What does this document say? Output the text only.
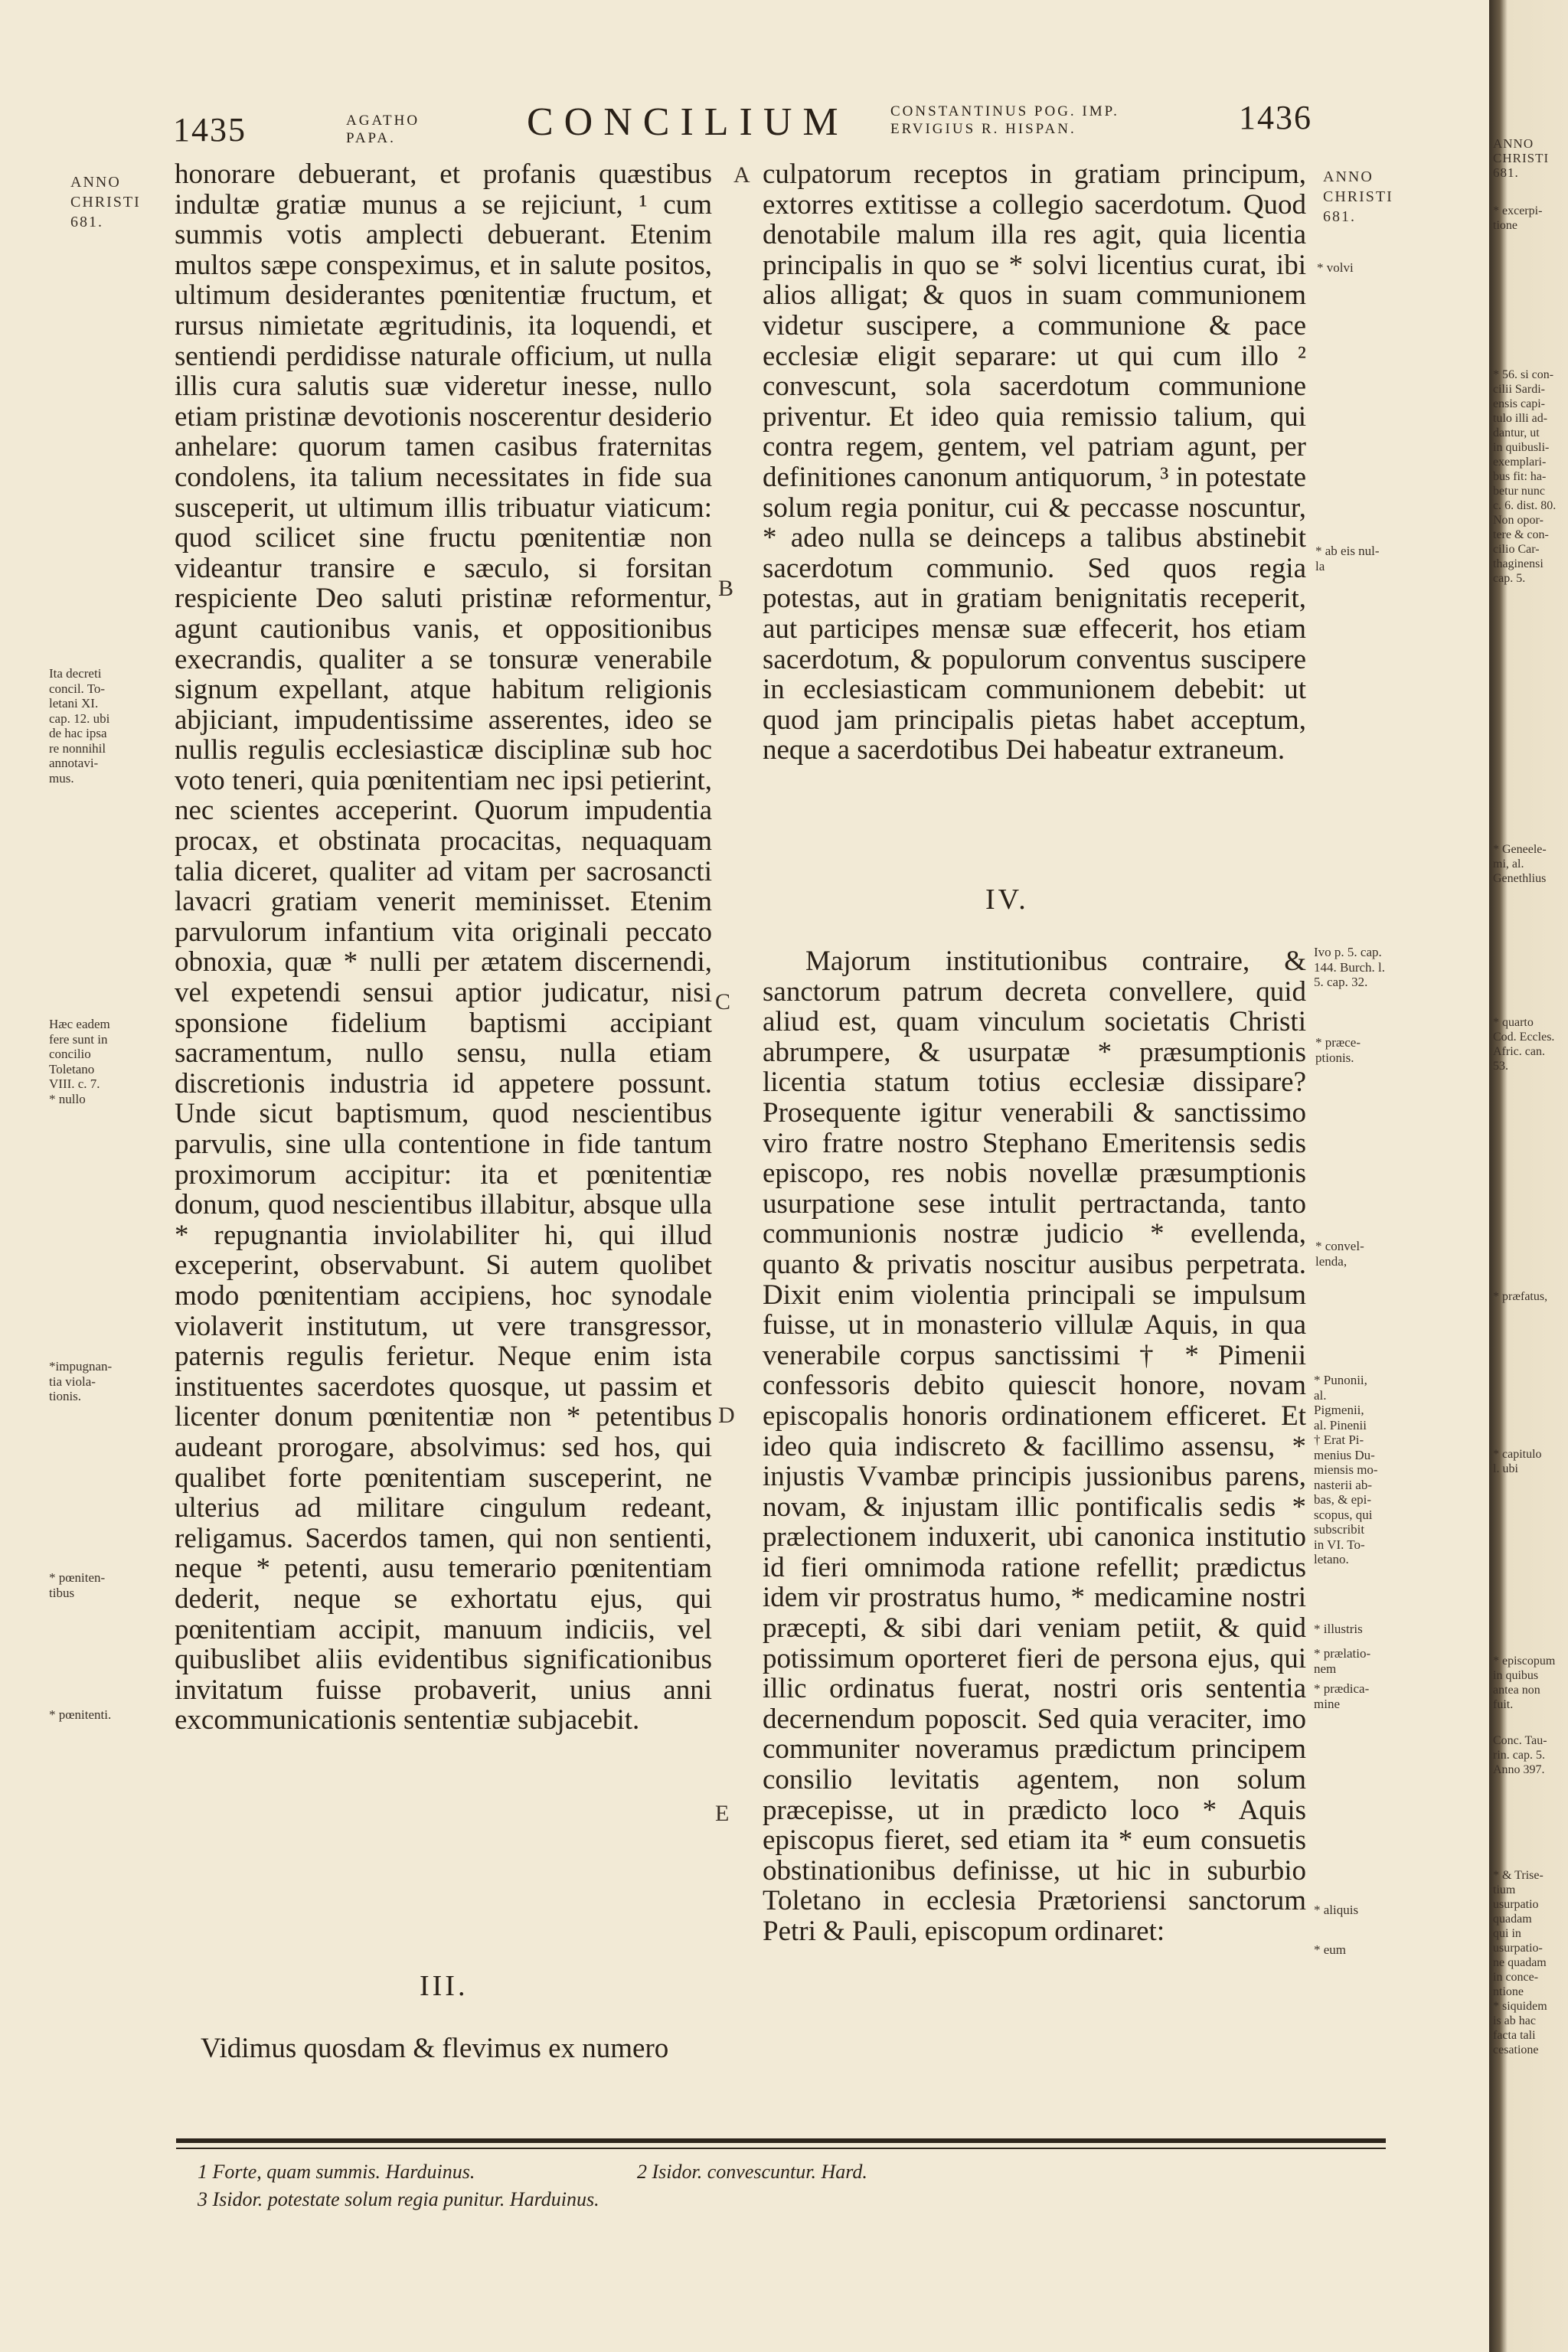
1435	AGATHO
PAPA.	CONCILIUM	CONSTANTINUS POG. IMP.
ERVIGIUS R. HISPAN.	1436
ANNO
CHRISTI
681.
ANNO
CHRISTI
681.

honorare debuerant, et profanis quæstibus indultæ gratiæ munus a se rejiciunt, ¹ cum summis votis amplecti debuerant. Etenim multos sæpe conspeximus, et in salute positos, ultimum desiderantes pœnitentiæ fructum, et rursus nimietate ægritudinis, ita loquendi, et sentiendi perdidisse naturale officium, ut nulla illis cura salutis suæ videretur inesse, nullo etiam pristinæ devotionis noscerentur desiderio anhelare: quorum tamen casibus fraternitas condolens, ita talium necessitates in fide sua susceperit, ut ultimum illis tribuatur viaticum: quod scilicet sine fructu pœnitentiæ non videantur transire e sæculo, si forsitan respiciente Deo saluti pristinæ reformentur, agunt cautionibus vanis, et oppositionibus execrandis, qualiter a se tonsuræ venerabile signum expellant, atque habitum religionis abjiciant, impudentissime asserentes, ideo se nullis regulis ecclesiasticæ disciplinæ sub hoc voto teneri, quia pœnitentiam nec ipsi petierint, nec scientes acceperint. Quorum impudentia procax, et obstinata procacitas, nequaquam talia diceret, qualiter ad vitam per sacrosancti lavacri gratiam venerit meminisset. Etenim parvulorum infantium vita originali peccato obnoxia, quæ * nulli per ætatem discernendi, vel expetendi sensui aptior judicatur, nisi sponsione fidelium baptismi accipiant sacramentum, nullo sensu, nulla etiam discretionis industria id appetere possunt. Unde sicut baptismum, quod nescientibus parvulis, sine ulla contentione in fide tantum proximorum accipitur: ita et pœnitentiæ donum, quod nescientibus illabitur, absque ulla * repugnantia inviolabiliter hi, qui illud exceperint, observabunt. Si autem quolibet modo pœnitentiam accipiens, hoc synodale violaverit institutum, ut vere transgressor, paternis regulis ferietur. Neque enim ista instituentes sacerdotes quosque, ut passim et licenter donum pœnitentiæ non * petentibus audeant prorogare, absolvimus: sed hos, qui qualibet forte pœnitentiam susceperint, ne ulterius ad militare cingulum redeant, religamus. Sacerdos tamen, qui non sentienti, neque * petenti, ausu temerario pœnitentiam dederit, neque se exhortatu ejus, qui pœnitentiam accipit, manuum indiciis, vel quibuslibet aliis evidentibus significationibus invitatum fuisse probaverit, unius anni excommunicationis sententiæ subjacebit.

III.
Vidimus quosdam & flevimus ex numero

culpatorum receptos in gratiam principum, extorres extitisse a collegio sacerdotum. Quod denotabile malum illa res agit, quia licentia principalis in quo se * solvi licentius curat, ibi alios alligat; & quos in suam communionem videtur suscipere, a communione & pace ecclesiæ eligit separare: ut qui cum illo ² convescunt, sola sacerdotum communione priventur. Et ideo quia remissio talium, qui contra regem, gentem, vel patriam agunt, per definitiones canonum antiquorum, ³ in potestate solum regia ponitur, cui & peccasse noscuntur, * adeo nulla se deinceps a talibus abstinebit sacerdotum communio. Sed quos regia potestas, aut in gratiam benignitatis receperit, aut participes mensæ suæ effecerit, hos etiam sacerdotum, & populorum conventus suscipere in ecclesiasticam communionem debebit: ut quod jam principalis pietas habet acceptum, neque a sacerdotibus Dei habeatur extraneum.

IV.

Majorum institutionibus contraire, & sanctorum patrum decreta convellere, quid aliud est, quam vinculum societatis Christi abrumpere, & usurpatæ * præsumptionis licentia statum totius ecclesiæ dissipare? Prosequente igitur venerabili & sanctissimo viro fratre nostro Stephano Emeritensis sedis episcopo, res nobis novellæ præsumptionis usurpatione sese intulit pertractanda, tanto communionis nostræ judicio * evellenda, quanto & privatis noscitur ausibus perpetrata. Dixit enim violentia principali se impulsum fuisse, ut in monasterio villulæ Aquis, in qua venerabile corpus sanctissimi † * Pimenii confessoris debito quiescit honore, novam episcopalis honoris ordinationem efficeret. Et ideo quia indiscreto & facillimo assensu, * injustis Vvambæ principis jussionibus parens, novam, & injustam illic pontificalis sedis * prælectionem induxerit, ubi canonica institutio id fieri omnimoda ratione refellit; prædictus idem vir prostratus humo, * medicamine nostri præcepti, & sibi dari veniam petiit, & quid potissimum oporteret fieri de persona ejus, qui illic ordinatus fuerat, nostri oris sententia decernendum poposcit. Sed quia veraciter, imo communiter noveramus prædictum principem consilio levitatis agentem, non solum præcepisse, ut in prædicto loco * Aquis episcopus fieret, sed etiam ita * eum consuetis obstinationibus definisse, ut hic in suburbio Toletano in ecclesia Prætoriensi sanctorum Petri & Pauli, episcopum ordinaret:

A
B
C
D
E
Ita decreti
concil. To-
letani XI.
cap. 12. ubi
de hac ipsa
re nonnihil
annotavi-
mus.
Hæc eadem
fere sunt in
concilio
Toletano
VIII. c. 7.
* nullo
*impugnan-
tia viola-
tionis.
* pœniten-
tibus
* pœnitenti.
* volvi
* ab eis nul-
la
Ivo p. 5. cap.
144. Burch. l.
5. cap. 32.
* præce-
ptionis.
* convel-
lenda,
* Punonii,
al.
Pigmenii,
al. Pinenii
† Erat Pi-
menius Du-
miensis mo-
nasterii ab-
bas, & epi-
scopus, qui
subscribit
in VI. To-
letano.
* illustris
* prælatio-
nem
* prædica-
mine
* aliquis
* eum
1 Forte, quam summis. Harduinus.	2 Isidor. convescuntur. Hard.
3 Isidor. potestate solum regia punitur. Harduinus.
ANNO
CHRISTI
681.
* excerpi-
tione
* 56. si con-
cilii Sardi-
ensis capi-
tulo illi ad-
dantur, ut
in quibusli-
exemplari-
bus fit: ha-
betur nunc
c. 6. dist. 80.
Non opor-
tere & con-
cilio Car-
thaginensi
cap. 5.
* Geneele-
mi, al.
Genethlius
* quarto
Cod. Eccles.
Afric. can.
53.
* præfatus,
* capitulo
l. ubi
* episcopum
in quibus
antea non
fuit.
Conc. Tau-
rin. cap. 5.
Anno 397.
* & Trise-
tium
usurpatio
quadam
qui in
usurpatio-
ne quadam
in conce-
ntione
* siquidem
is ab hac
facta tali
cesatione
